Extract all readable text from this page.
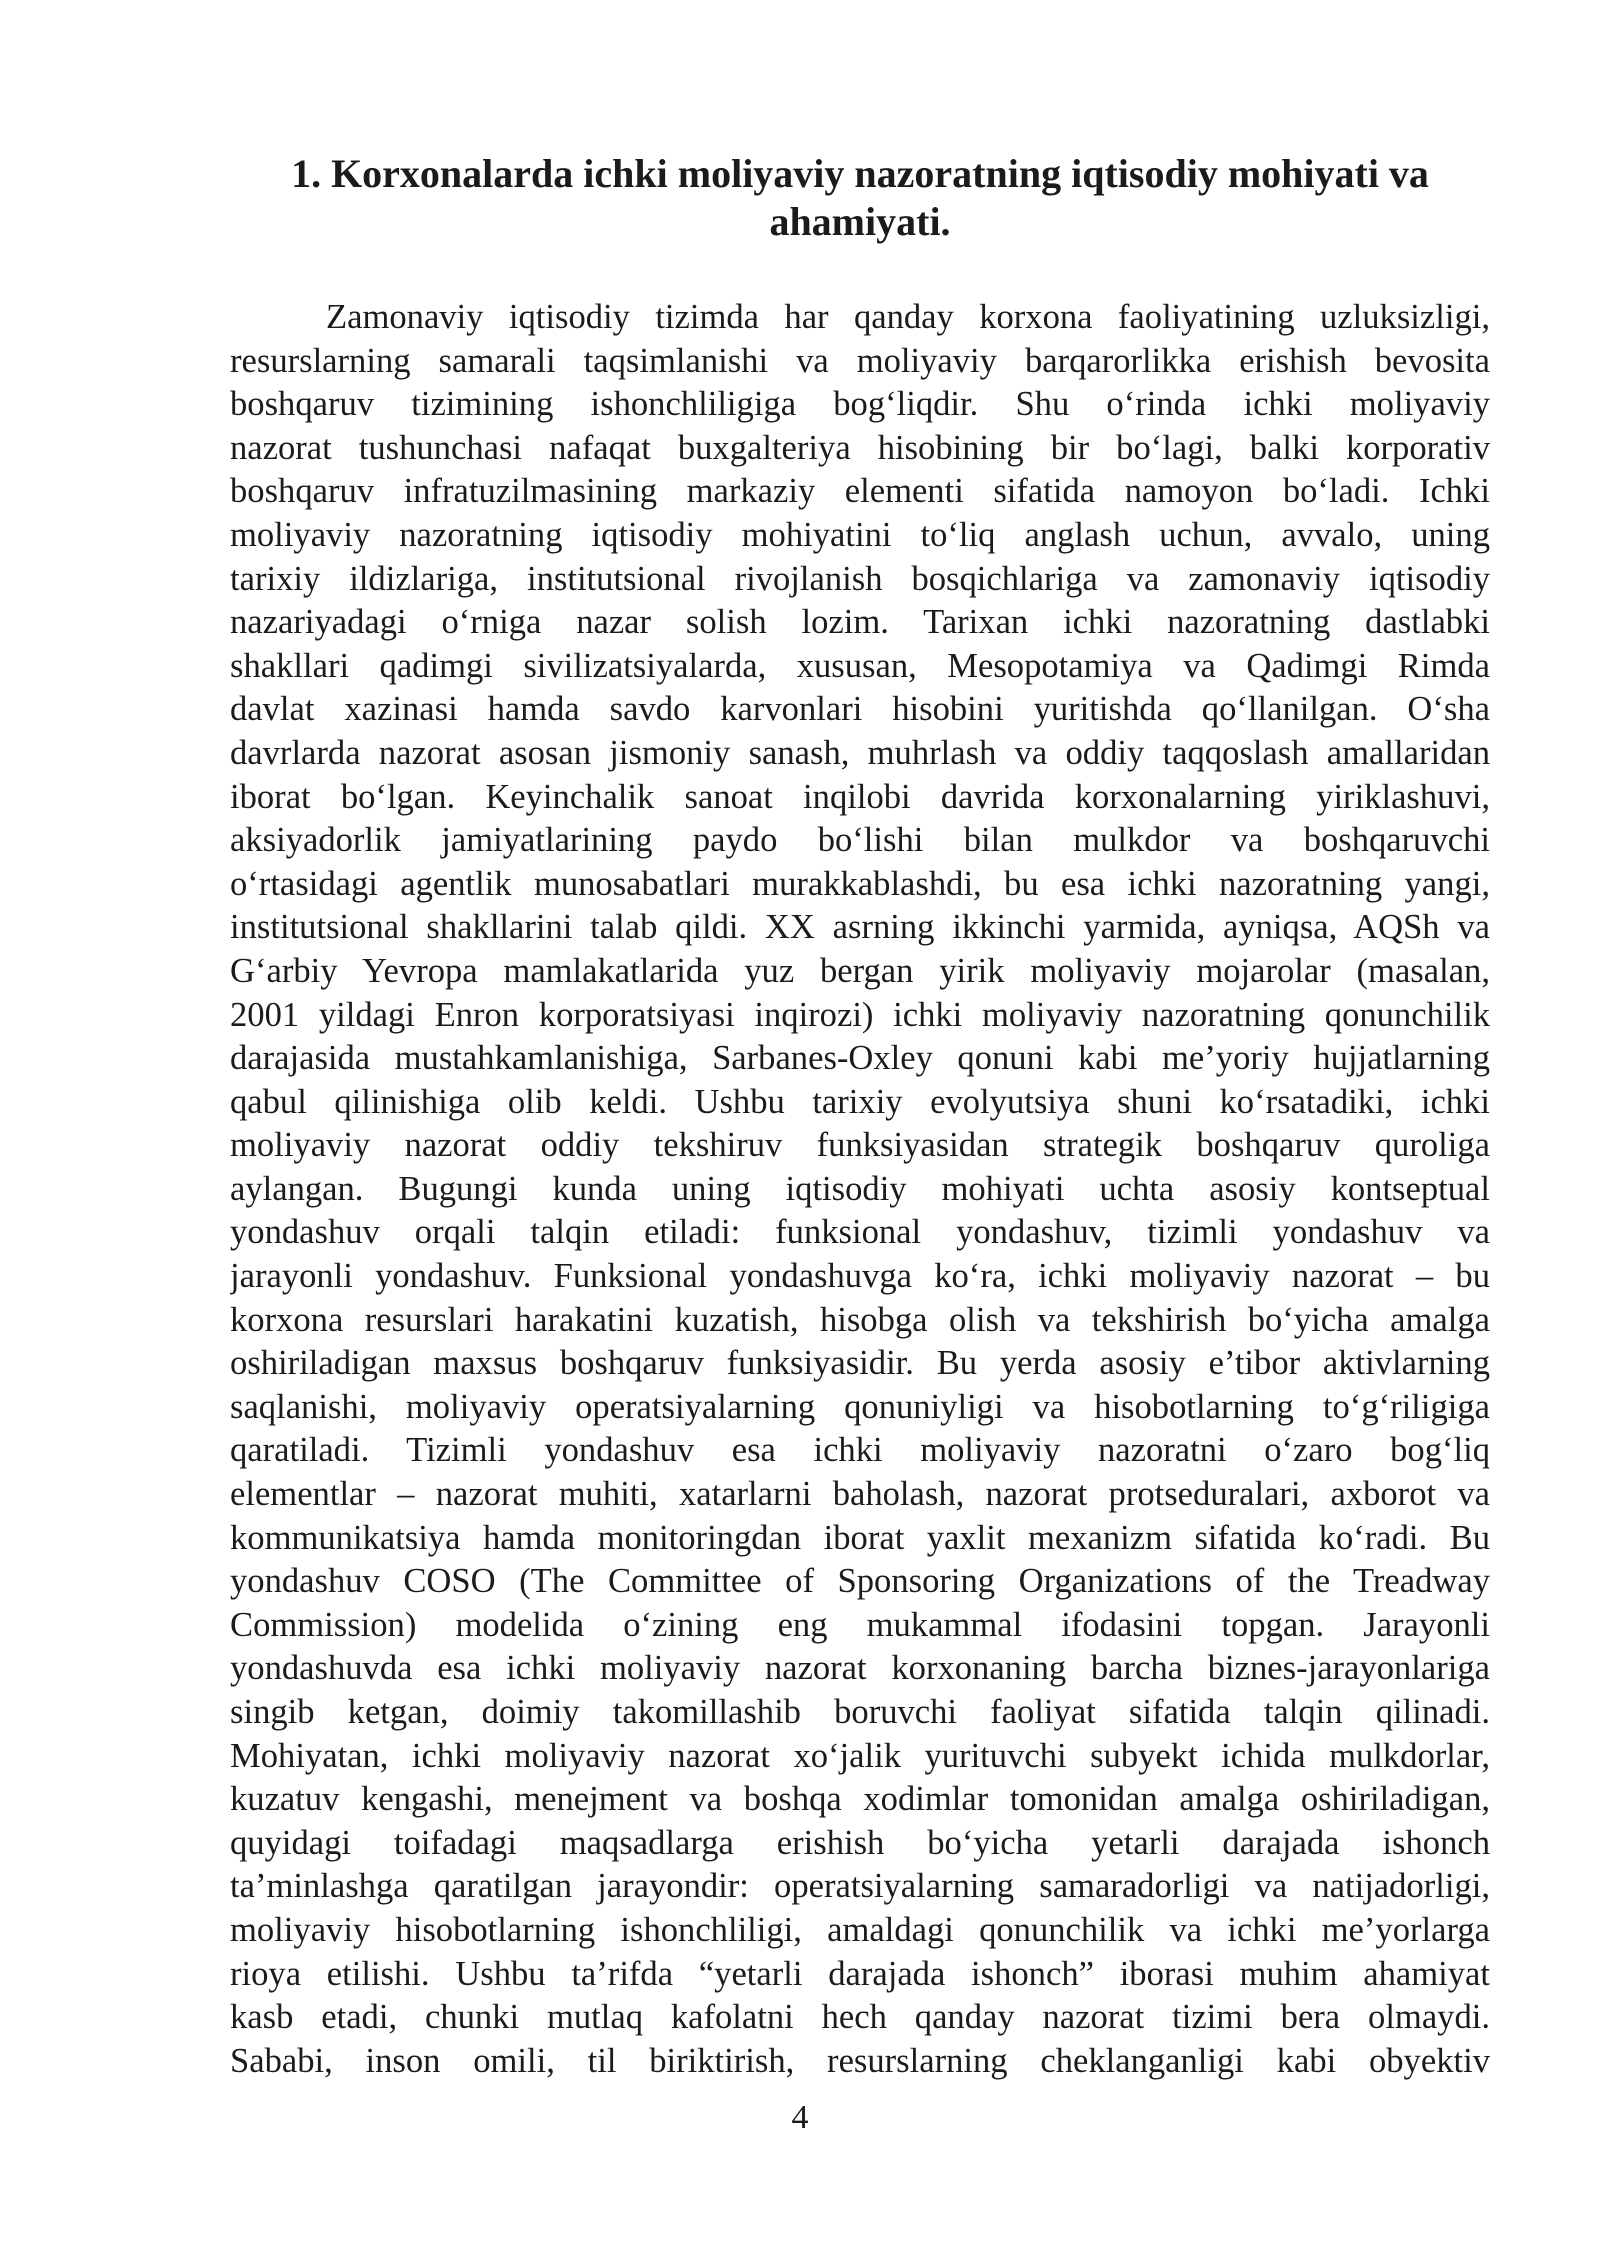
1. Korxonalarda ichki moliyaviy nazoratning iqtisodiy mohiyati va
ahamiyati.

Zamonaviy iqtisodiy tizimda har qanday korxona faoliyatining uzluksizligi,
resurslarning samarali taqsimlanishi va moliyaviy barqarorlikka erishish bevosita
boshqaruv tizimining ishonchliligiga bog‘liqdir. Shu o‘rinda ichki moliyaviy
nazorat tushunchasi nafaqat buxgalteriya hisobining bir bo‘lagi, balki korporativ
boshqaruv infratuzilmasining markaziy elementi sifatida namoyon bo‘ladi. Ichki
moliyaviy nazoratning iqtisodiy mohiyatini to‘liq anglash uchun, avvalo, uning
tarixiy ildizlariga, institutsional rivojlanish bosqichlariga va zamonaviy iqtisodiy
nazariyadagi o‘rniga nazar solish lozim. Tarixan ichki nazoratning dastlabki
shakllari qadimgi sivilizatsiyalarda, xususan, Mesopotamiya va Qadimgi Rimda
davlat xazinasi hamda savdo karvonlari hisobini yuritishda qo‘llanilgan. O‘sha
davrlarda nazorat asosan jismoniy sanash, muhrlash va oddiy taqqoslash amallaridan
iborat bo‘lgan. Keyinchalik sanoat inqilobi davrida korxonalarning yiriklashuvi,
aksiyadorlik jamiyatlarining paydo bo‘lishi bilan mulkdor va boshqaruvchi
o‘rtasidagi agentlik munosabatlari murakkablashdi, bu esa ichki nazoratning yangi,
institutsional shakllarini talab qildi. XX asrning ikkinchi yarmida, ayniqsa, AQSh va
G‘arbiy Yevropa mamlakatlarida yuz bergan yirik moliyaviy mojarolar (masalan,
2001 yildagi Enron korporatsiyasi inqirozi) ichki moliyaviy nazoratning qonunchilik
darajasida mustahkamlanishiga, Sarbanes-Oxley qonuni kabi me’yoriy hujjatlarning
qabul qilinishiga olib keldi. Ushbu tarixiy evolyutsiya shuni ko‘rsatadiki, ichki
moliyaviy nazorat oddiy tekshiruv funksiyasidan strategik boshqaruv quroliga
aylangan. Bugungi kunda uning iqtisodiy mohiyati uchta asosiy kontseptual
yondashuv orqali talqin etiladi: funksional yondashuv, tizimli yondashuv va
jarayonli yondashuv. Funksional yondashuvga ko‘ra, ichki moliyaviy nazorat – bu
korxona resurslari harakatini kuzatish, hisobga olish va tekshirish bo‘yicha amalga
oshiriladigan maxsus boshqaruv funksiyasidir. Bu yerda asosiy e’tibor aktivlarning
saqlanishi, moliyaviy operatsiyalarning qonuniyligi va hisobotlarning to‘g‘riligiga
qaratiladi. Tizimli yondashuv esa ichki moliyaviy nazoratni o‘zaro bog‘liq
elementlar – nazorat muhiti, xatarlarni baholash, nazorat protseduralari, axborot va
kommunikatsiya hamda monitoringdan iborat yaxlit mexanizm sifatida ko‘radi. Bu
yondashuv COSO (The Committee of Sponsoring Organizations of the Treadway
Commission) modelida o‘zining eng mukammal ifodasini topgan. Jarayonli
yondashuvda esa ichki moliyaviy nazorat korxonaning barcha biznes-jarayonlariga
singib ketgan, doimiy takomillashib boruvchi faoliyat sifatida talqin qilinadi.
Mohiyatan, ichki moliyaviy nazorat xo‘jalik yurituvchi subyekt ichida mulkdorlar,
kuzatuv kengashi, menejment va boshqa xodimlar tomonidan amalga oshiriladigan,
quyidagi toifadagi maqsadlarga erishish bo‘yicha yetarli darajada ishonch
ta’minlashga qaratilgan jarayondir: operatsiyalarning samaradorligi va natijadorligi,
moliyaviy hisobotlarning ishonchliligi, amaldagi qonunchilik va ichki me’yorlarga
rioya etilishi. Ushbu ta’rifda “yetarli darajada ishonch” iborasi muhim ahamiyat
kasb etadi, chunki mutlaq kafolatni hech qanday nazorat tizimi bera olmaydi.
Sababi, inson omili, til biriktirish, resurslarning cheklanganligi kabi obyektiv

4
